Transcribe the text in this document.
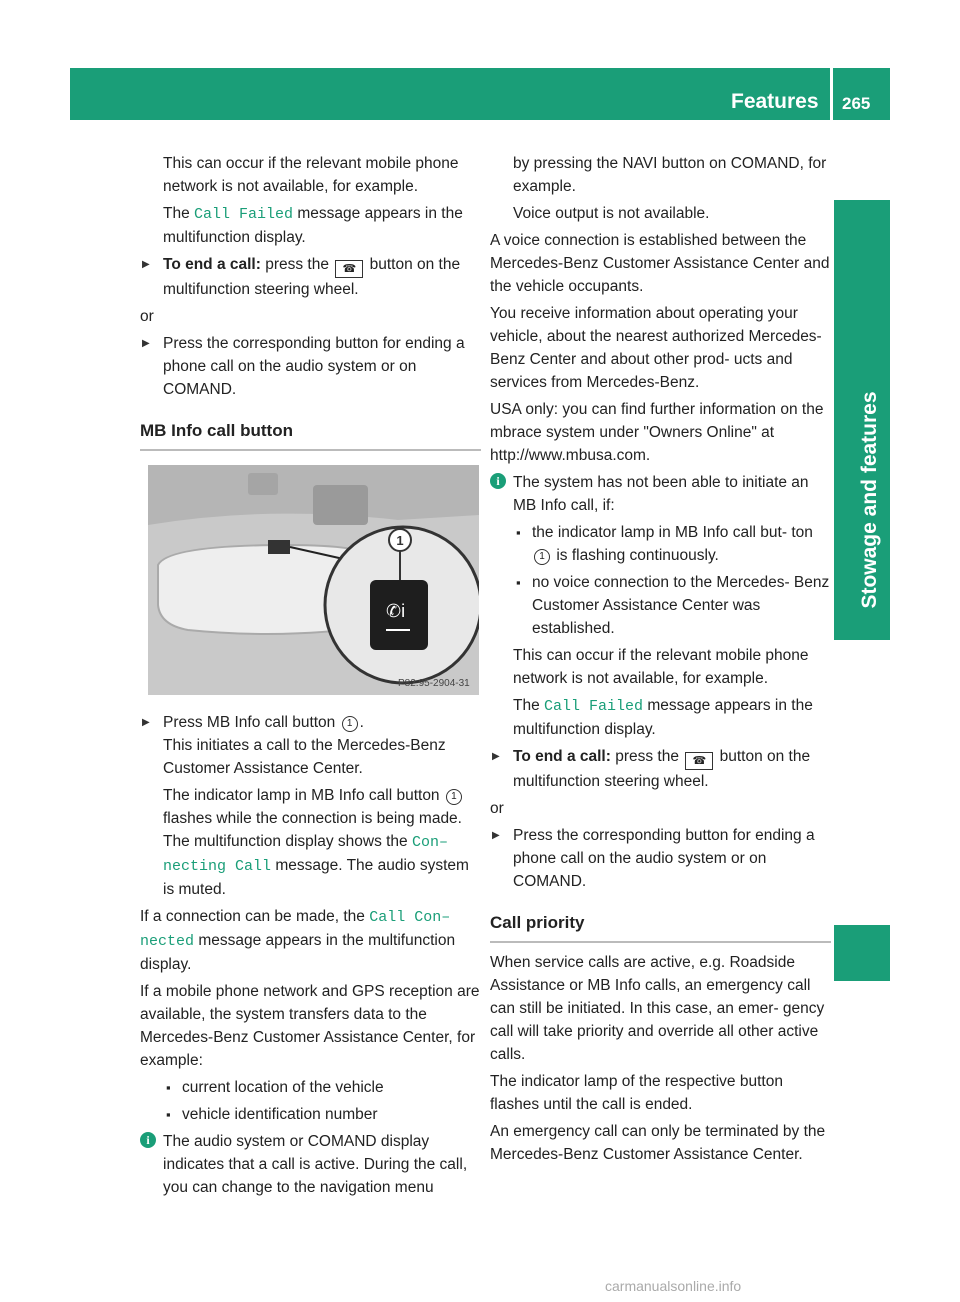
Features 265
Stowage and features

This can occur if the relevant mobile phone network is not available, for example.

The Call Failed message appears in the multifunction display.

▶ To end a call: press the ☎ button on the multifunction steering wheel.

or

▶ Press the corresponding button for ending a phone call on the audio system or on COMAND.

MB Info call button

✆i
1
P82.95-2904-31

▶ Press MB Info call button 1 .
This initiates a call to the Mercedes-Benz Customer Assistance Center.

The indicator lamp in MB Info call button 1 flashes while the connection is being made. The multifunction display shows the Con– necting Call message. The audio system is muted.

If a connection can be made, the Call Con– nected message appears in the multifunction display.

If a mobile phone network and GPS reception are available, the system transfers data to the Mercedes-Benz Customer Assistance Center, for example:

▪ current location of the vehicle

▪ vehicle identification number

i The audio system or COMAND display indicates that a call is active. During the call, you can change to the navigation menu

by pressing the NAVI button on COMAND, for example.

Voice output is not available.

A voice connection is established between the Mercedes-Benz Customer Assistance Center and the vehicle occupants.

You receive information about operating your vehicle, about the nearest authorized Mercedes-Benz Center and about other prod- ucts and services from Mercedes-Benz.

USA only: you can find further information on the mbrace system under "Owners Online" at http://www.mbusa.com.

i The system has not been able to initiate an MB Info call, if:

▪ the indicator lamp in MB Info call but- ton 1 is flashing continuously.

▪ no voice connection to the Mercedes- Benz Customer Assistance Center was established.

This can occur if the relevant mobile phone network is not available, for example.

The Call Failed message appears in the multifunction display.

▶ To end a call: press the ☎ button on the multifunction steering wheel.

or

▶ Press the corresponding button for ending a phone call on the audio system or on COMAND.

Call priority

When service calls are active, e.g. Roadside Assistance or MB Info calls, an emergency call can still be initiated. In this case, an emer- gency call will take priority and override all other active calls.

The indicator lamp of the respective button flashes until the call is ended.

An emergency call can only be terminated by the Mercedes-Benz Customer Assistance Center.

carmanualsonline.info
